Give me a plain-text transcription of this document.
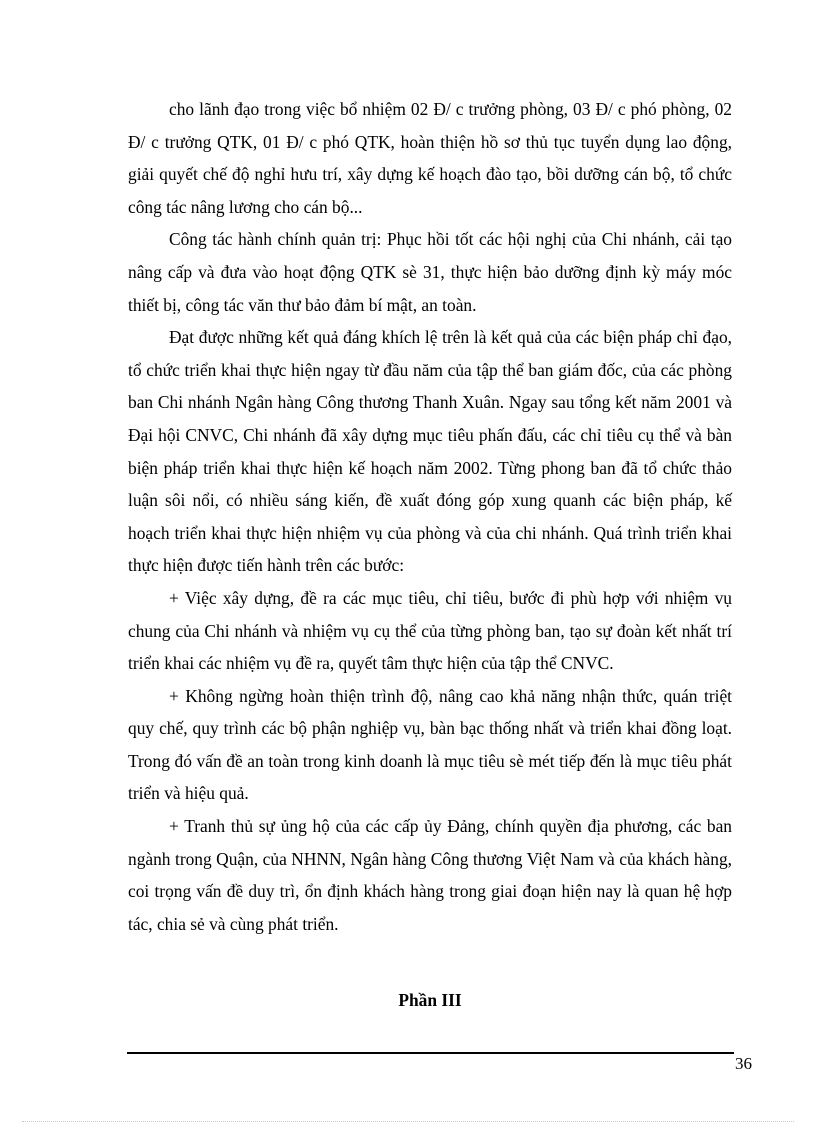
cho lãnh đạo trong việc bổ nhiệm 02 Đ/ c trưởng phòng, 03 Đ/ c phó phòng, 02 Đ/ c trưởng QTK, 01 Đ/ c phó QTK, hoàn thiện hồ sơ thủ tục tuyển dụng lao động, giải quyết chế độ nghỉ hưu trí, xây dựng kế hoạch đào tạo, bồi dưỡng cán bộ, tổ chức công tác nâng lương cho cán bộ...

Công tác hành chính quản trị: Phục hồi tốt các hội nghị của Chi nhánh, cải tạo nâng cấp và đưa vào hoạt động QTK sè 31, thực hiện bảo dưỡng định kỳ máy móc thiết bị, công tác văn thư bảo đảm bí mật, an toàn.

Đạt được những kết quả đáng khích lệ trên là kết quả của các biện pháp chỉ đạo, tổ chức triển khai thực hiện ngay từ đầu năm của tập thể ban giám đốc, của các phòng ban Chi nhánh Ngân hàng Công thương Thanh Xuân. Ngay sau tổng kết năm 2001 và Đại hội CNVC, Chi nhánh đã xây dựng mục tiêu phấn đấu, các chỉ tiêu cụ thể và bàn biện pháp triển khai thực hiện kế hoạch năm 2002. Từng phong ban đã tổ chức thảo luận sôi nổi, có nhiều sáng kiến, đề xuất đóng góp xung quanh các biện pháp, kế hoạch triển khai thực hiện nhiệm vụ của phòng và của chi nhánh. Quá trình triển khai thực hiện được tiến hành trên các bước:

+ Việc xây dựng, đề ra các mục tiêu, chỉ tiêu, bước đi phù hợp với nhiệm vụ chung của Chi nhánh và nhiệm vụ cụ thể của từng phòng ban, tạo sự đoàn kết nhất trí triển khai các nhiệm vụ đề ra, quyết tâm thực hiện của tập thể CNVC.

+ Không ngừng hoàn thiện trình độ, nâng cao khả năng nhận thức, quán triệt quy chế, quy trình các bộ phận nghiệp vụ, bàn bạc thống nhất và triển khai đồng loạt. Trong đó vấn đề an toàn trong kinh doanh là mục tiêu sè mét tiếp đến là mục tiêu phát triển và hiệu quả.

+ Tranh thủ sự ủng hộ của các cấp ủy Đảng, chính quyền địa phương, các ban ngành trong Quận, của NHNN, Ngân hàng Công thương Việt Nam và của khách hàng, coi trọng vấn đề duy trì, ổn định khách hàng trong giai đoạn hiện nay là quan hệ hợp tác, chia sẻ và cùng phát triển.

Phần III
36
